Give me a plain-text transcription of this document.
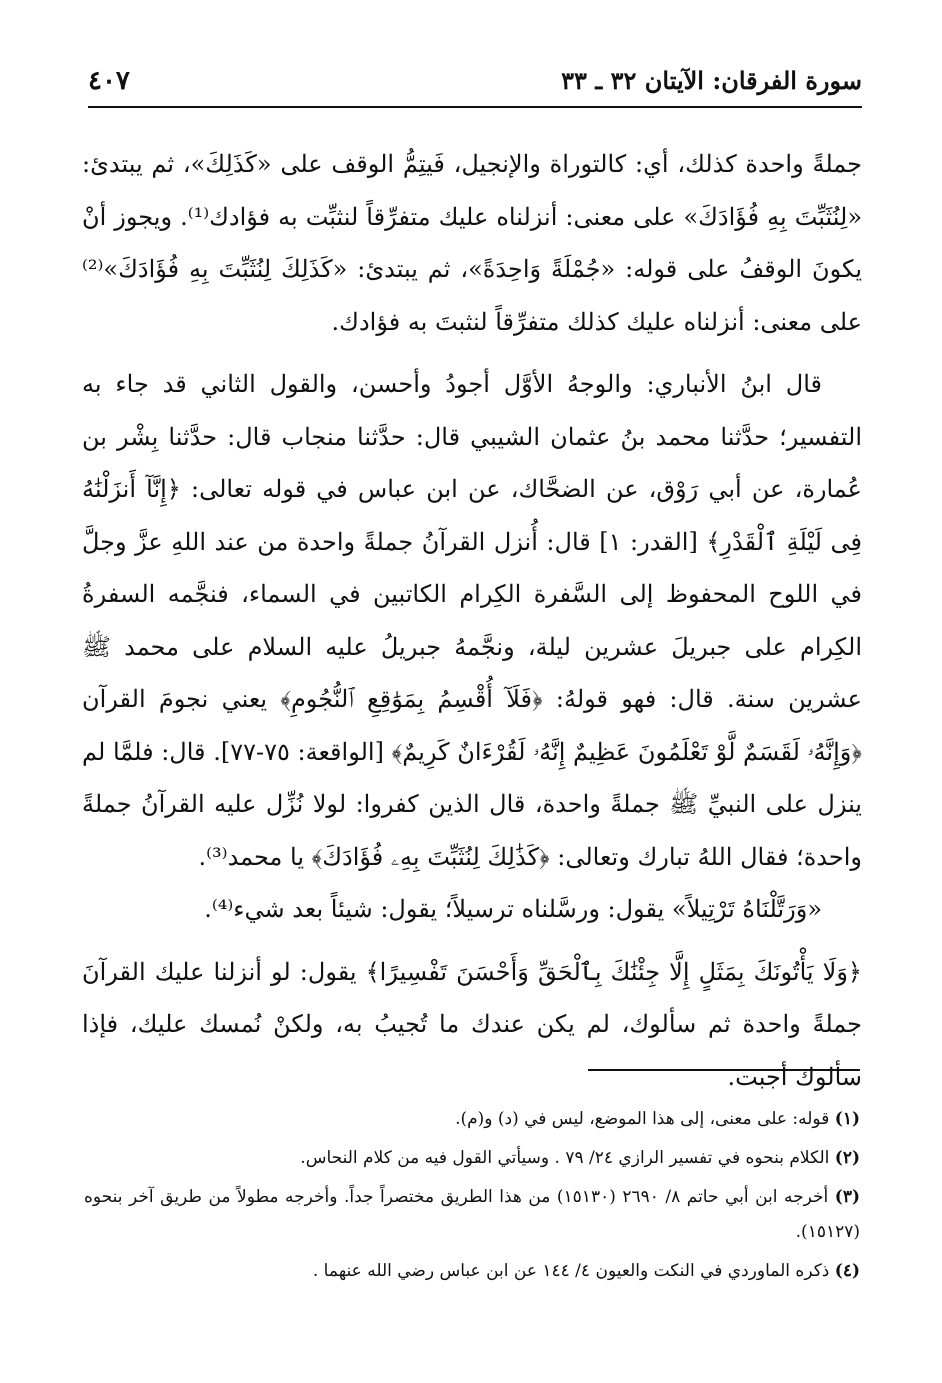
سورة الفرقان: الآيتان ٣٢ ـ ٣٣
٤٠٧

جملةً واحدة كذلك، أي: كالتوراة والإنجيل، فَيتِمُّ الوقف على «كَذَلِكَ»، ثم يبتدئ: «لِنُثَبِّتَ بِهِ فُؤَادَكَ» على معنى: أنزلناه عليك متفرِّقاً لنثبِّت به فؤادك⁽¹⁾. ويجوز أنْ يكونَ الوقفُ على قوله: «جُمْلَةً وَاحِدَةً»، ثم يبتدئ: «كَذَلِكَ لِنُثَبِّتَ بِهِ فُؤَادَكَ»⁽²⁾ على معنى: أنزلناه عليك كذلك متفرِّقاً لنثبتَ به فؤادك.

قال ابنُ الأنباري: والوجهُ الأوَّل أجودُ وأحسن، والقول الثاني قد جاء به التفسير؛ حدَّثنا محمد بنُ عثمان الشيبي قال: حدَّثنا منجاب قال: حدَّثنا بِشْر بن عُمارة، عن أبي رَوْق، عن الضحَّاك، عن ابن عباس في قوله تعالى: ﴿إِنَّآ أَنزَلْنَٰهُ فِى لَيْلَةِ ٱلْقَدْرِ﴾ [القدر: ١] قال: أُنزل القرآنُ جملةً واحدة من عند اللهِ عزَّ وجلَّ في اللوح المحفوظ إلى السَّفرة الكِرام الكاتبين في السماء، فنجَّمه السفرةُ الكِرام على جبريلَ عشرين ليلة، ونجَّمهُ جبريلُ عليه السلام على محمد ﷺ عشرين سنة. قال: فهو قولهُ: ﴿فَلَآ أُقْسِمُ بِمَوَٰقِعِ ٱلنُّجُومِ﴾ يعني نجومَ القرآن ﴿وَإِنَّهُۥ لَقَسَمٌ لَّوْ تَعْلَمُونَ عَظِيمٌ إِنَّهُۥ لَقُرْءَانٌ كَرِيمٌ﴾ [الواقعة: ٧٥-٧٧]. قال: فلمَّا لم ينزل على النبيِّ ﷺ جملةً واحدة، قال الذين كفروا: لولا نُزِّل عليه القرآنُ جملةً واحدة؛ فقال اللهُ تبارك وتعالى: ﴿كَذَٰلِكَ لِنُثَبِّتَ بِهِۦ فُؤَادَكَ﴾ يا محمد⁽³⁾.

«وَرَتَّلْنَاهُ تَرْتِيلاً» يقول: ورسَّلناه ترسيلاً؛ يقول: شيئاً بعد شيء⁽⁴⁾.

﴿وَلَا يَأْتُونَكَ بِمَثَلٍ إِلَّا جِئْنَٰكَ بِٱلْحَقِّ وَأَحْسَنَ تَفْسِيرًا﴾ يقول: لو أنزلنا عليك القرآنَ جملةً واحدة ثم سألوك، لم يكن عندك ما تُجيبُ به، ولكنْ نُمسك عليك، فإذا سألوك أجبت.

(١) قوله: على معنى، إلى هذا الموضع، ليس في (د) و(م).

(٢) الكلام بنحوه في تفسير الرازي ٢٤/ ٧٩ . وسيأتي القول فيه من كلام النحاس.

(٣) أخرجه ابن أبي حاتم ٨/ ٢٦٩٠ (١٥١٣٠) من هذا الطريق مختصراً جداً. وأخرجه مطولاً من طريق آخر بنحوه (١٥١٢٧).

(٤) ذكره الماوردي في النكت والعيون ٤/ ١٤٤ عن ابن عباس رضي الله عنهما .
